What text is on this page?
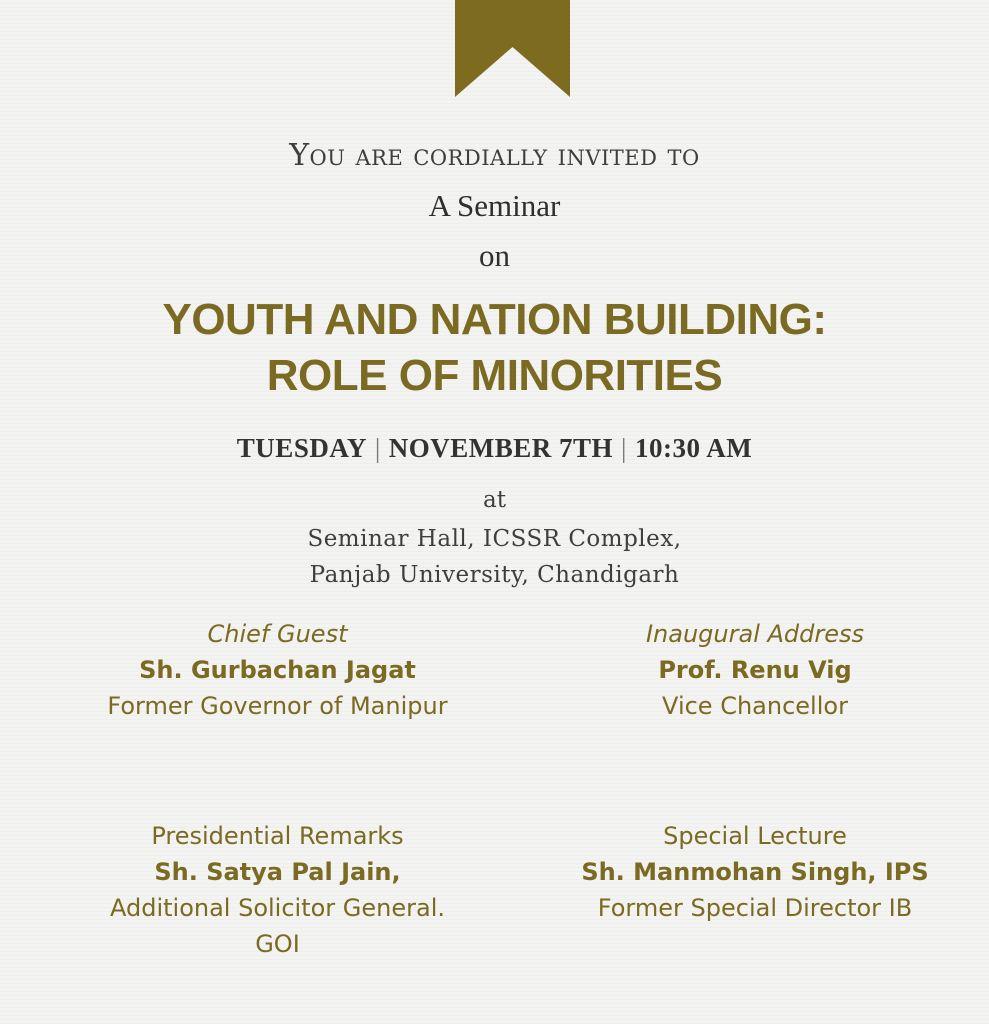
You are cordially invited to
A Seminar
on
YOUTH AND NATION BUILDING:
ROLE OF MINORITIES
TUESDAY | NOVEMBER 7TH | 10:30 AM
at
Seminar Hall, ICSSR Complex,
Panjab University, Chandigarh
Chief Guest
Sh. Gurbachan Jagat
Former Governor of Manipur
Inaugural Address
Prof. Renu Vig
Vice Chancellor
Presidential Remarks
Sh. Satya Pal Jain,
Additional Solicitor General.
GOI
Special Lecture
Sh. Manmohan Singh, IPS
Former Special Director IB
